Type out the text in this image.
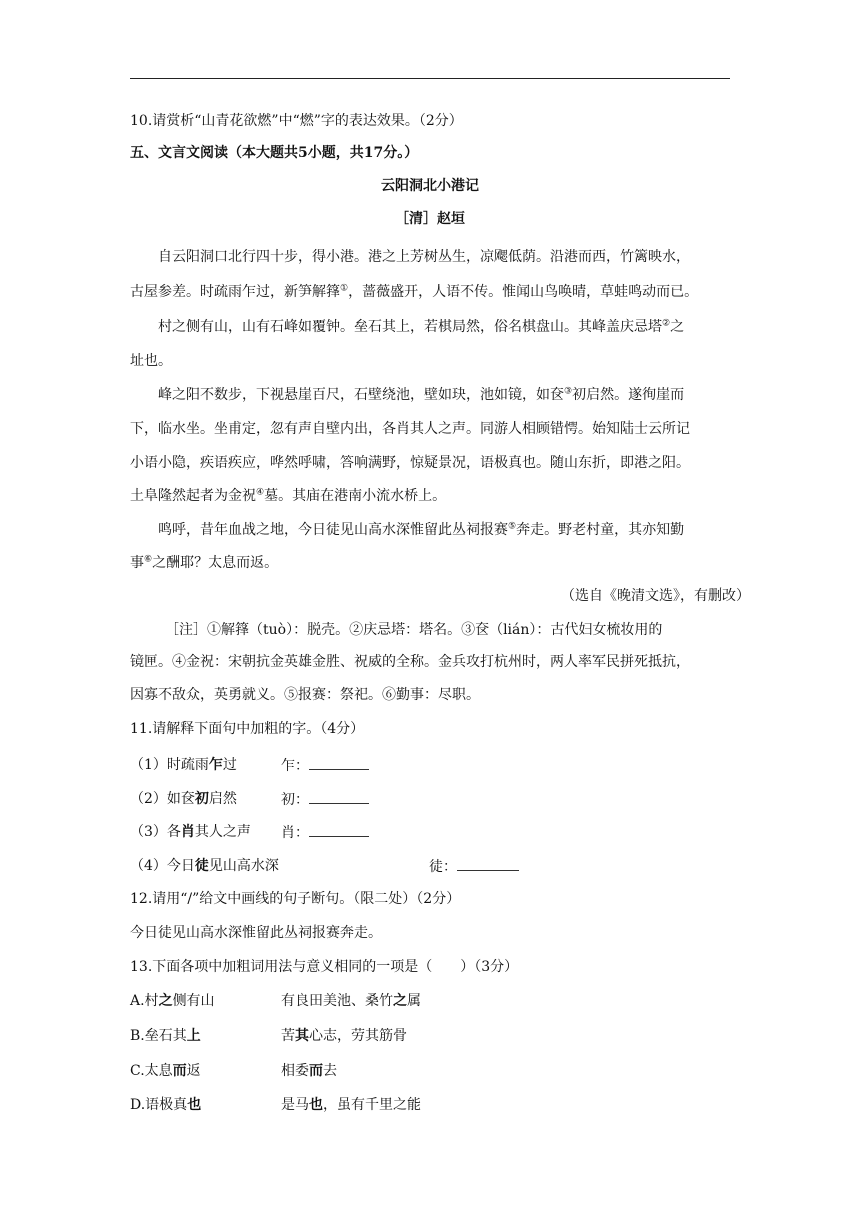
10.请赏析“山青花欲燃”中“燃”字的表达效果。（2分）
五、文言文阅读（本大题共5小题，共17分。）
云阳洞北小港记
［清］赵垣
自云阳洞口北行四十步，得小港。港之上芳树丛生，凉飔低荫。沿港而西，竹篱映水，
古屋参差。时疏雨乍过，新笋解箨①，蔷薇盛开，人语不传。惟闻山鸟唤晴，草蛙鸣动而已。
村之侧有山，山有石峰如覆钟。垒石其上，若棋局然，俗名棋盘山。其峰盖庆忌塔②之
址也。
峰之阳不数步，下视悬崖百尺，石壁绕池，壁如玦，池如镜，如奁③初启然。遂徇崖而
下，临水坐。坐甫定，忽有声自壁内出，各肖其人之声。同游人相顾错愕。始知陆士云所记
小语小隐，疾语疾应，哗然呼啸，答响满野，惊疑景况，语极真也。随山东折，即港之阳。
土阜隆然起者为金祝④墓。其庙在港南小流水桥上。
鸣呼，昔年血战之地，今日徒见山高水深惟留此丛祠报赛⑤奔走。野老村童，其亦知勤
事⑥之酬耶？太息而返。
（选自《晚清文选》，有删改）
［注］①解箨（tuò）：脱壳。②庆忌塔：塔名。③奁（lián）：古代妇女梳妆用的
镜匣。④金祝：宋朝抗金英雄金胜、祝威的全称。金兵攻打杭州时，两人率军民拼死抵抗，
因寡不敌众，英勇就义。⑤报赛：祭祀。⑥勤事：尽职。
11.请解释下面句中加粗的字。（4分）
（1）时疏雨乍过	乍：
（2）如奁初启然	初：
（3）各肖其人之声 肖：
（4）今日徒见山高水深	徒：
12.请用“/”给文中画线的句子断句。（限二处）（2分）
今日徒见山高水深惟留此丛祠报赛奔走。
13.下面各项中加粗词用法与意义相同的一项是（　　）（3分）
A.村之侧有山	有良田美池、桑竹之属
B.垒石其上	苦其心志，劳其筋骨
C.太息而返	相委而去
D.语极真也	是马也，虽有千里之能
